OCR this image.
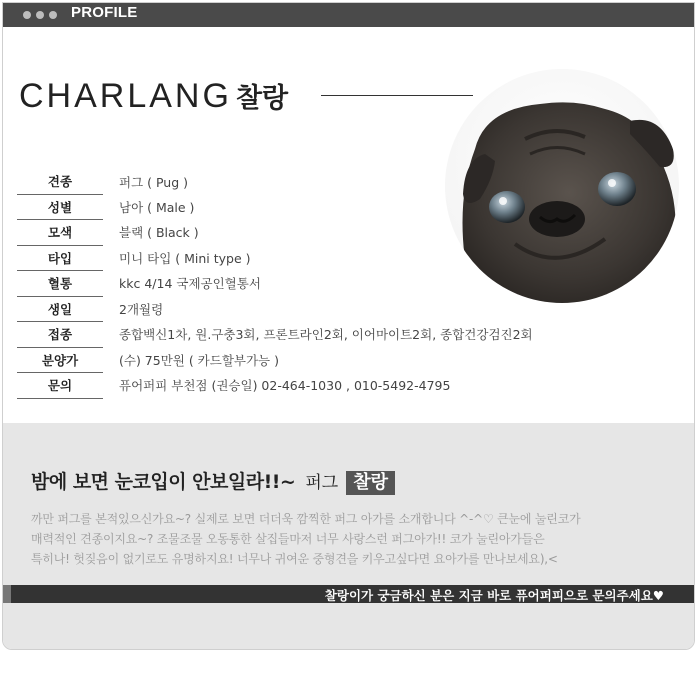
PROFILE
CHARLANG 찰랑
견종		퍼그 ( Pug )
성별		남아 ( Male )
모색		블랙 ( Black )
타입		미니 타입 ( Mini type )
혈통		kkc 4/14 국제공인혈통서
생일		2개월령
접종		종합백신1차, 원.구충3회, 프론트라인2회, 이어마이트2회, 종합건강검진2회
분양가		(수) 75만원 ( 카드할부가능 )
문의		퓨어퍼피 부천점 (권승일) 02-464-1030 , 010-5492-4795
밤에 보면 눈코입이 안보일라!!~ 퍼그 찰랑

까만 퍼그를 본적있으신가요~? 실제로 보면 더더욱 깜찍한 퍼그 아가를 소개합니다 ^-^♡ 큰눈에 눌린코가

매력적인 견종이지요~? 조물조물 오동통한 살집들마저 너무 사랑스런 퍼그아가!! 코가 눌린아가들은

특히나! 헛짖음이 없기로도 유명하지요! 너무나 귀여운 중형견을 키우고싶다면 요아가를 만나보세요),<

찰랑이가 궁금하신 분은 지금 바로 퓨어퍼피으로 문의주세요♥
